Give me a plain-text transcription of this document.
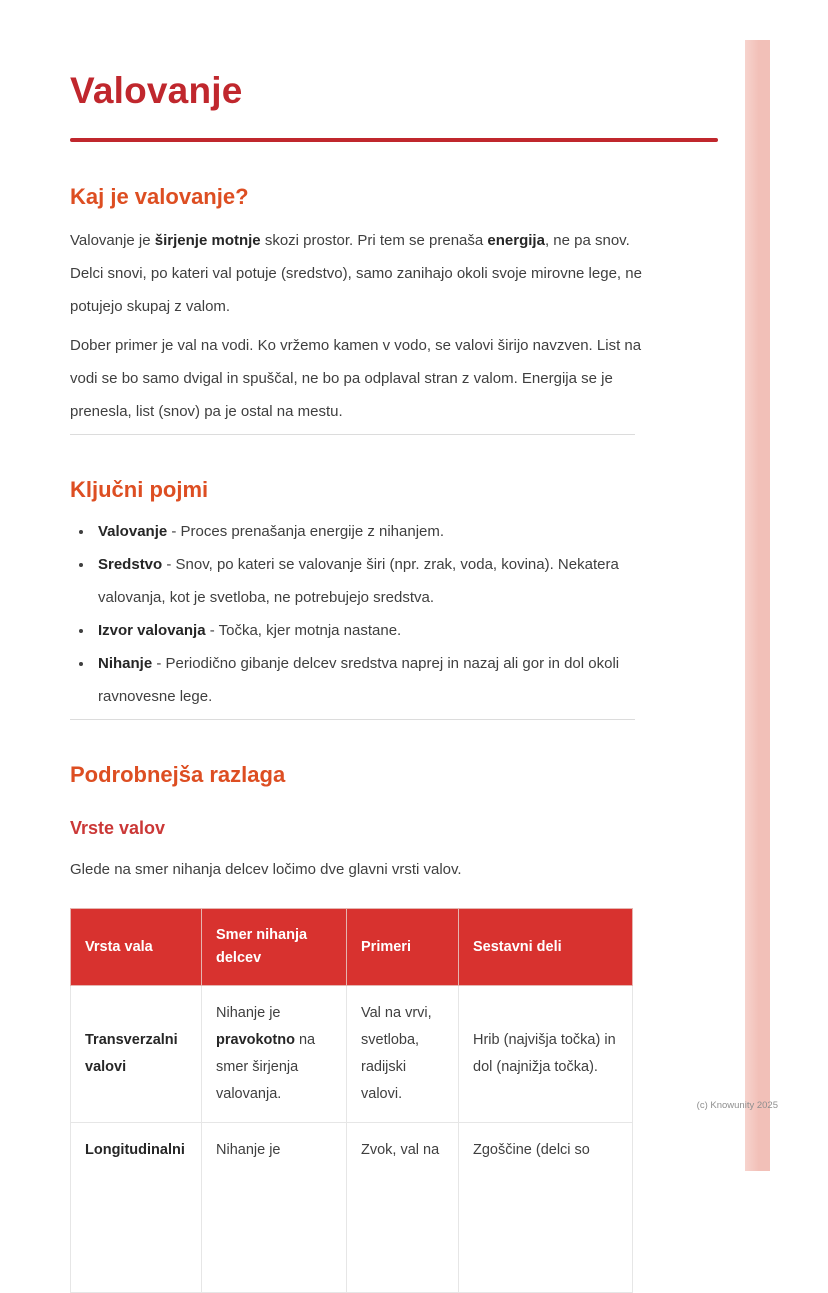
Valovanje
Kaj je valovanje?

Valovanje je širjenje motnje skozi prostor. Pri tem se prenaša energija, ne pa snov. Delci snovi, po kateri val potuje (sredstvo), samo zanihajo okoli svoje mirovne lege, ne potujejo skupaj z valom.

Dober primer je val na vodi. Ko vržemo kamen v vodo, se valovi širijo navzven. List na vodi se bo samo dvigal in spuščal, ne bo pa odplaval stran z valom. Energija se je prenesla, list (snov) pa je ostal na mestu.

Ključni pojmi
• Valovanje - Proces prenašanja energije z nihanjem.
• Sredstvo - Snov, po kateri se valovanje širi (npr. zrak, voda, kovina). Nekatera valovanja, kot je svetloba, ne potrebujejo sredstva.
• Izvor valovanja - Točka, kjer motnja nastane.
• Nihanje - Periodično gibanje delcev sredstva naprej in nazaj ali gor in dol okoli ravnovesne lege.
Podrobnejša razlaga
Vrste valov

Glede na smer nihanja delcev ločimo dve glavni vrsti valov.

Vrsta vala	Smer nihanja delcev	Primeri	Sestavni deli
Transverzalni valovi	Nihanje je pravokotno na smer širjenja valovanja.	Val na vrvi, svetloba, radijski valovi.	Hrib (najvišja točka) in dol (najnižja točka).
Longitudinalni	Nihanje je	Zvok, val na	Zgoščine (delci so
(c) Knowunity 2025
